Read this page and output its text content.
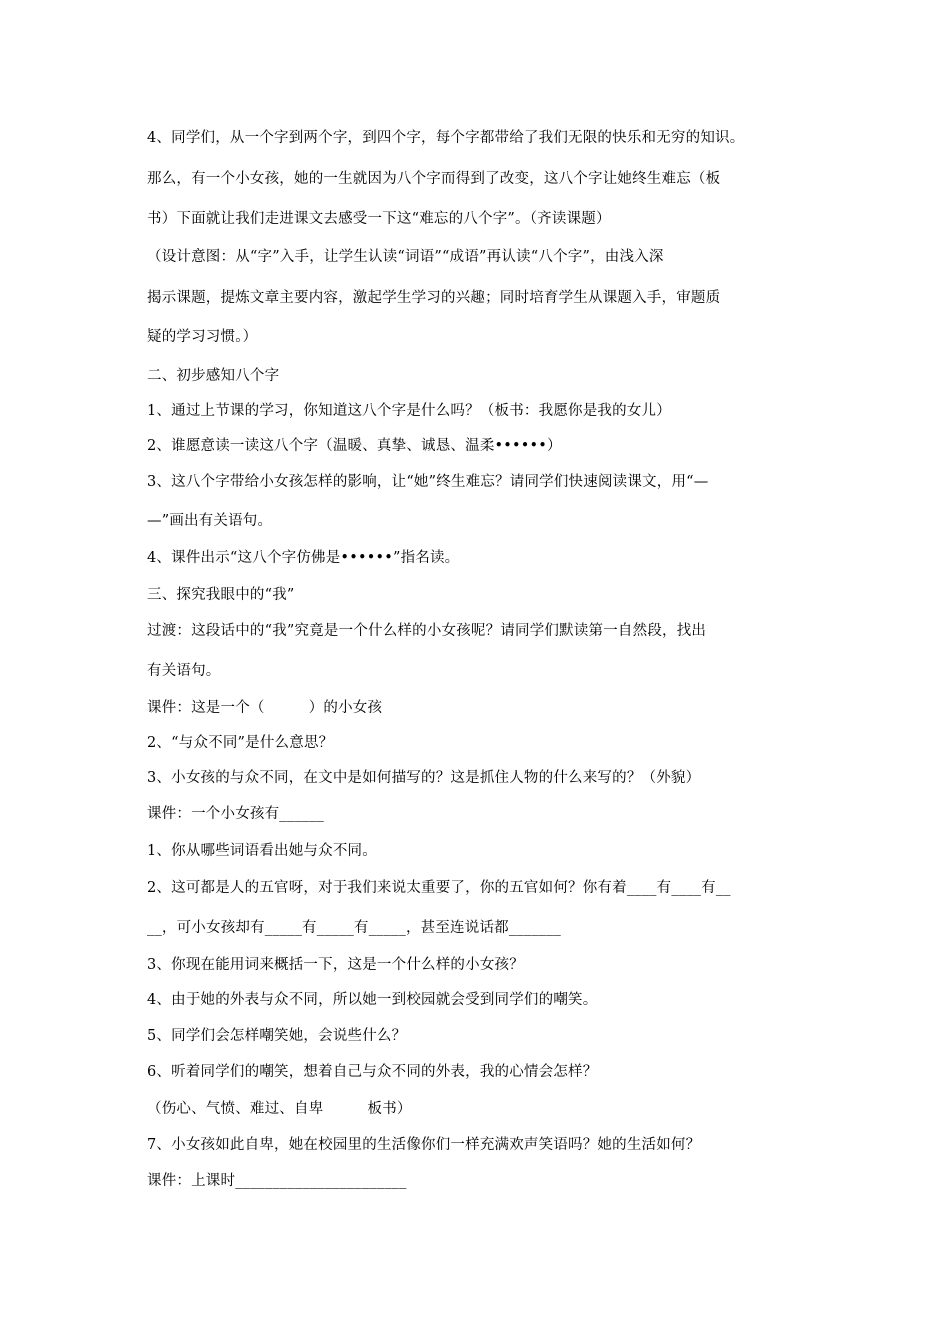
4、同学们，从一个字到两个字，到四个字，每个字都带给了我们无限的快乐和无穷的知识。
那么，有一个小女孩，她的一生就因为八个字而得到了改变，这八个字让她终生难忘（板
书）下面就让我们走进课文去感受一下这“难忘的八个字”。（齐读课题）
（设计意图：从“字”入手，让学生认读“词语”“成语”再认读“八个字”，由浅入深
揭示课题，提炼文章主要内容，激起学生学习的兴趣；同时培育学生从课题入手，审题质
疑的学习习惯。）
二、初步感知八个字
1、通过上节课的学习，你知道这八个字是什么吗？（板书：我愿你是我的女儿）
2、谁愿意读一读这八个字（温暖、真挚、诚恳、温柔••••••）
3、这八个字带给小女孩怎样的影响，让“她”终生难忘？请同学们快速阅读课文，用“—
—”画出有关语句。
4、课件出示“这八个字仿佛是••••••”指名读。
三、探究我眼中的“我”
过渡：这段话中的“我”究竟是一个什么样的小女孩呢？请同学们默读第一自然段，找出
有关语句。
课件：这是一个（　　　）的小女孩
2、“与众不同”是什么意思？
3、小女孩的与众不同，在文中是如何描写的？这是抓住人物的什么来写的？（外貌）
课件：一个小女孩有______
1、你从哪些词语看出她与众不同。
2、这可都是人的五官呀，对于我们来说太重要了，你的五官如何？你有着____有____有__
__，可小女孩却有_____有_____有_____，甚至连说话都_______
3、你现在能用词来概括一下，这是一个什么样的小女孩？
4、由于她的外表与众不同，所以她一到校园就会受到同学们的嘲笑。
5、同学们会怎样嘲笑她，会说些什么？
6、听着同学们的嘲笑，想着自己与众不同的外表，我的心情会怎样？
（伤心、气愤、难过、自卑　　　板书）
7、小女孩如此自卑，她在校园里的生活像你们一样充满欢声笑语吗？她的生活如何？
课件：上课时_______________________
